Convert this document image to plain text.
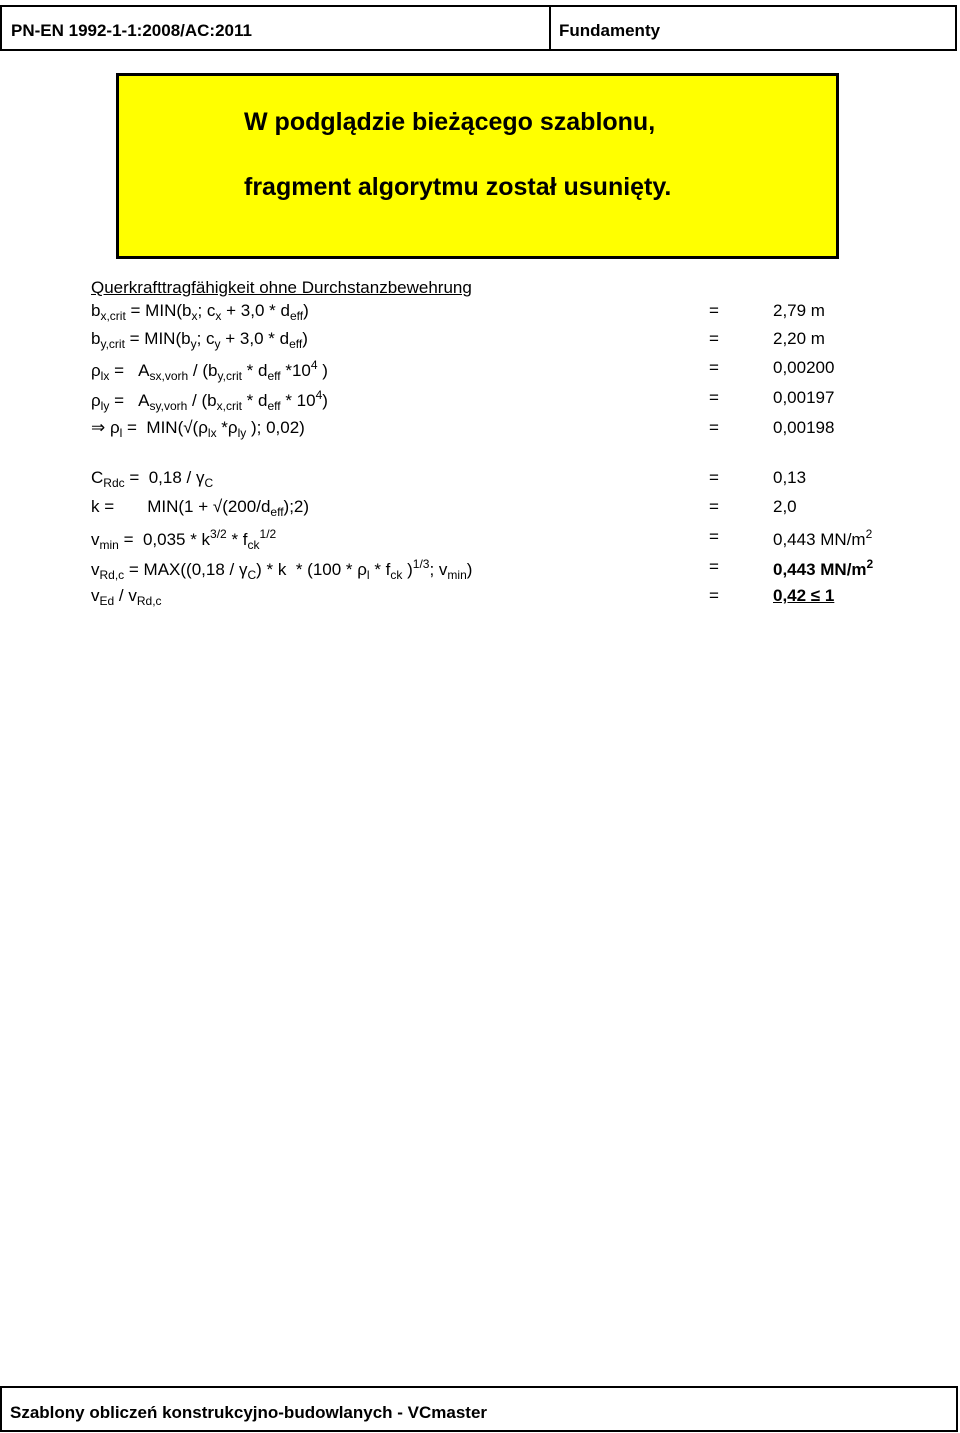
PN-EN 1992-1-1:2008/AC:2011	Fundamenty
W podglądzie bieżącego szablonu,
fragment algorytmu został usunięty.
Querkrafttragfähigkeit ohne Durchstanzbewehrung
$b_{x,crit} = MIN(b_x$; $c_x + 3,0 * d_{eff}$)	=	2,79 m
$b_{y,crit} = MIN(b_y$; $c_y + 3,0 * d_{eff}$)	=	2,20 m
$\rho_{lx} = A_{sx,vorh} / (b_{y,crit} * d_{eff}$ $*10^4$ )	=	0,00200
$\rho_{ly} = A_{sy,vorh} / (b_{x,crit} * d_{eff} * 10^4)$	=	0,00197
⇒ $\rho_l = MIN(√(\rho_{lx}$ $*\rho_{ly}$ ); 0,02)	=	0,00198
$C_{Rdc} = 0,18 / \gamma_C$	=	0,13
k =       $MIN(1 + √(200/d_{eff});2)$	=	2,0
$v_{min} = 0,035 * k^{3/2} * f_{ck}^{1/2}$	=	0,443 $MN/m^2$
$v_{Rd,c} = MAX((0,18 / \gamma_C) * k * (100 * \rho_l * f_{ck}$ )$^{1/3}$; $v_{min}$)	=	0,443 $MN/m^2$
$v_{Ed} / v_{Rd,c}$	=	0,42 ≤ 1
Szablony obliczeń konstrukcyjno-budowlanych - VCmaster
